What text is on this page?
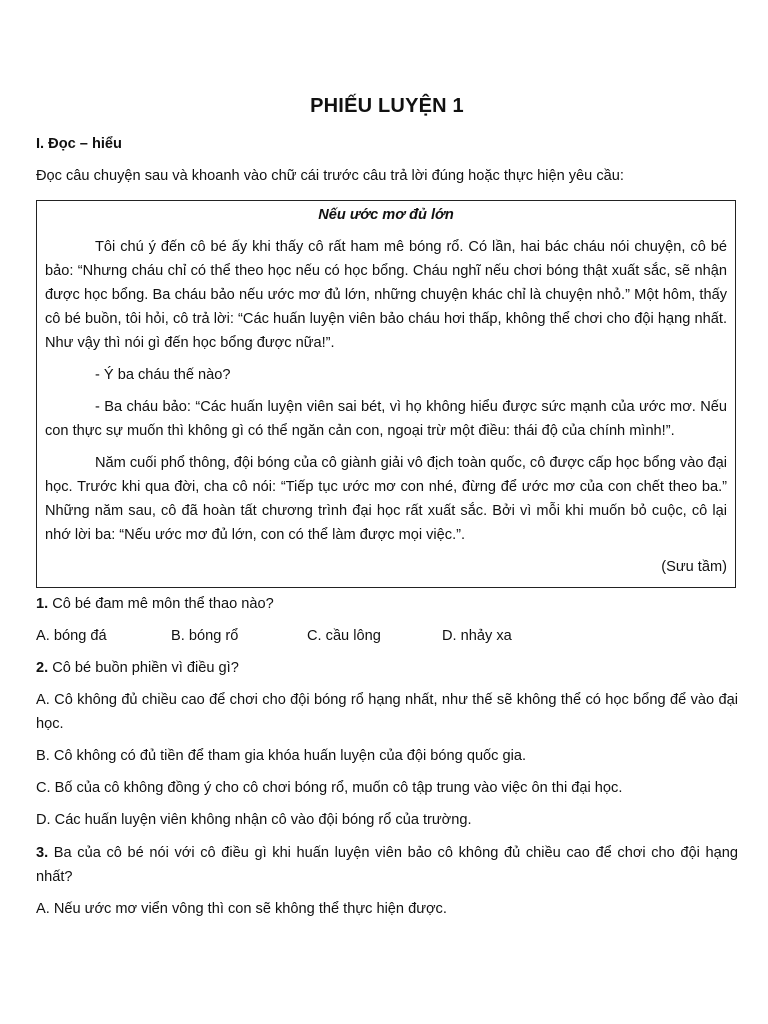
PHIẾU LUYỆN 1
I. Đọc – hiểu
Đọc câu chuyện sau và khoanh vào chữ cái trước câu trả lời đúng hoặc thực hiện yêu cầu:
Nếu ước mơ đủ lớn

Tôi chú ý đến cô bé ấy khi thấy cô rất ham mê bóng rổ. Có lần, hai bác cháu nói chuyện, cô bé bảo: “Nhưng cháu chỉ có thể theo học nếu có học bổng. Cháu nghĩ nếu chơi bóng thật xuất sắc, sẽ nhận được học bổng. Ba cháu bảo nếu ước mơ đủ lớn, những chuyện khác chỉ là chuyện nhỏ.” Một hôm, thấy cô bé buồn, tôi hỏi, cô trả lời: “Các huấn luyện viên bảo cháu hơi thấp, không thể chơi cho đội hạng nhất. Như vậy thì nói gì đến học bổng được nữa!”.

- Ý ba cháu thế nào?

- Ba cháu bảo: “Các huấn luyện viên sai bét, vì họ không hiểu được sức mạnh của ước mơ. Nếu con thực sự muốn thì không gì có thể ngăn cản con, ngoại trừ một điều: thái độ của chính mình!”.

Năm cuối phổ thông, đội bóng của cô giành giải vô địch toàn quốc, cô được cấp học bổng vào đại học. Trước khi qua đời, cha cô nói: “Tiếp tục ước mơ con nhé, đừng để ước mơ của con chết theo ba.” Những năm sau, cô đã hoàn tất chương trình đại học rất xuất sắc. Bởi vì mỗi khi muốn bỏ cuộc, cô lại nhớ lời ba: “Nếu ước mơ đủ lớn, con có thể làm được mọi việc.”.

(Sưu tầm)
1. Cô bé đam mê môn thể thao nào?
A. bóng đá	B. bóng rổ	C. cầu lông	D. nhảy xa
2. Cô bé buồn phiền vì điều gì?
A. Cô không đủ chiều cao để chơi cho đội bóng rổ hạng nhất, như thế sẽ không thể có học bổng để vào đại học.
B. Cô không có đủ tiền để tham gia khóa huấn luyện của đội bóng quốc gia.
C. Bố của cô không đồng ý cho cô chơi bóng rổ, muốn cô tập trung vào việc ôn thi đại học.
D. Các huấn luyện viên không nhận cô vào đội bóng rổ của trường.
3. Ba của cô bé nói với cô điều gì khi huấn luyện viên bảo cô không đủ chiều cao để chơi cho đội hạng nhất?
A. Nếu ước mơ viển vông thì con sẽ không thể thực hiện được.
